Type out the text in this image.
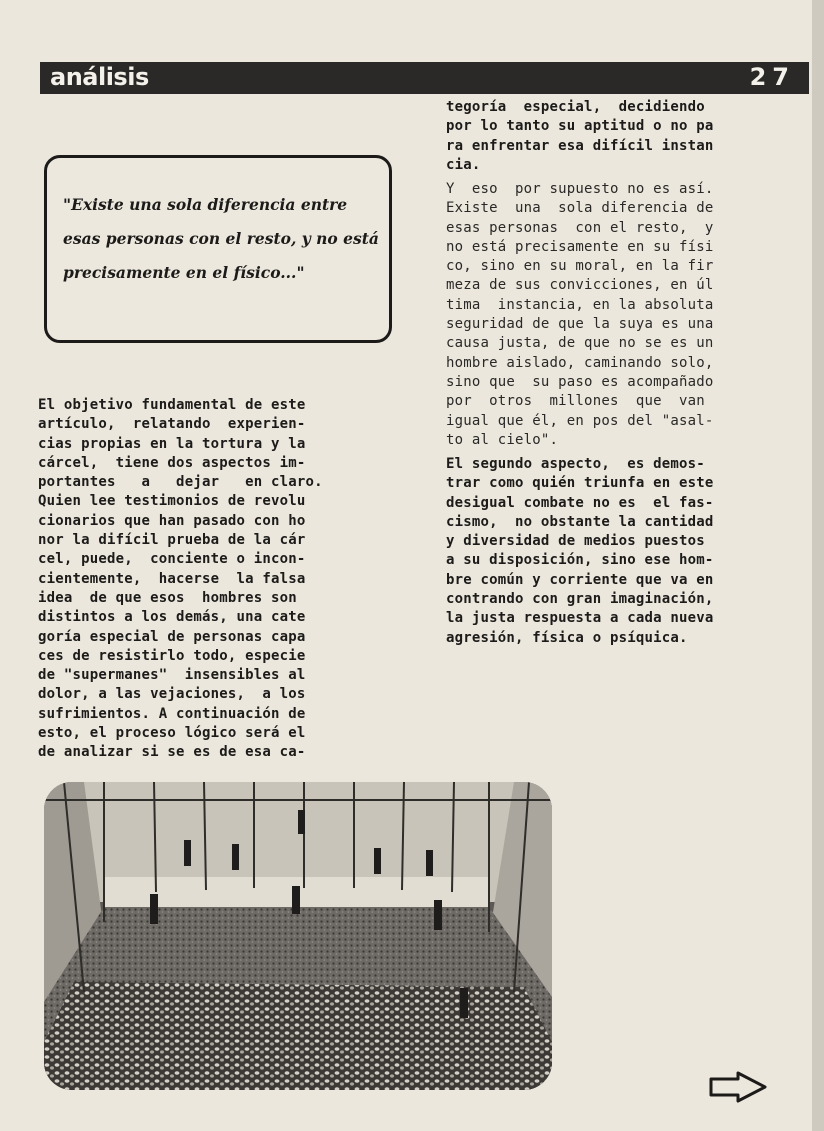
análisis	27

"Existe una sola diferencia entre esas personas con el resto, y no está precisamente en el físico..."

El objetivo fundamental de este
artículo,  relatando  experien-
cias propias en la tortura y la
cárcel,  tiene dos aspectos im-
portantes   a   dejar   en claro.
Quien lee testimonios de revolu
cionarios que han pasado con ho
nor la difícil prueba de la cár
cel, puede,  conciente o incon-
cientemente,  hacerse  la falsa
idea  de que esos  hombres son
distintos a los demás, una cate
goría especial de personas capa
ces de resistirlo todo, especie
de "supermanes"  insensibles al
dolor, a las vejaciones,  a los
sufrimientos. A continuación de
esto, el proceso lógico será el
de analizar si se es de esa ca-
tegoría  especial,  decidiendo
por lo tanto su aptitud o no pa
ra enfrentar esa difícil instan
cia.
Y  eso  por supuesto no es así.
Existe  una  sola diferencia de
esas personas  con el resto,  y
no está precisamente en su físi
co, sino en su moral, en la fir
meza de sus convicciones, en úl
tima  instancia, en la absoluta
seguridad de que la suya es una
causa justa, de que no se es un
hombre aislado, caminando solo,
sino que  su paso es acompañado
por  otros  millones  que  van
igual que él, en pos del "asal-
to al cielo".
El segundo aspecto,  es demos-
trar como quién triunfa en este
desigual combate no es  el fas-
cismo,  no obstante la cantidad
y diversidad de medios puestos
a su disposición, sino ese hom-
bre común y corriente que va en
contrando con gran imaginación,
la justa respuesta a cada nueva
agresión, física o psíquica.
